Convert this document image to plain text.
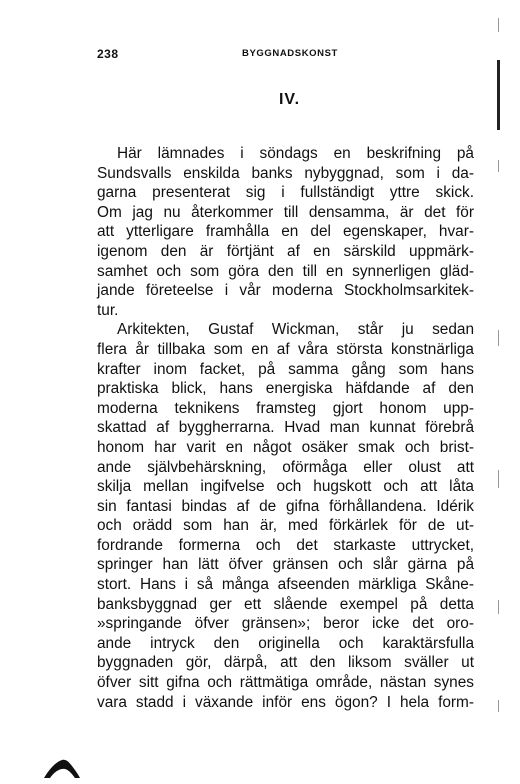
238	BYGGNADSKONST
IV.
Här lämnades i söndags en beskrifning på
Sundsvalls enskilda banks nybyggnad, som i da-
garna presenterat sig i fullständigt yttre skick.
Om jag nu återkommer till densamma, är det för
att ytterligare framhålla en del egenskaper, hvar-
igenom den är förtjänt af en särskild uppmärk-
samhet och som göra den till en synnerligen gläd-
jande företeelse i vår moderna Stockholmsarkitek-
tur.
Arkitekten, Gustaf Wickman, står ju sedan
flera år tillbaka som en af våra största konstnärliga
krafter inom facket, på samma gång som hans
praktiska blick, hans energiska häfdande af den
moderna teknikens framsteg gjort honom upp-
skattad af byggherrarna. Hvad man kunnat förebrå
honom har varit en något osäker smak och brist-
ande självbehärskning, oförmåga eller olust att
skilja mellan ingifvelse och hugskott och att låta
sin fantasi bindas af de gifna förhållandena. Idérik
och orädd som han är, med förkärlek för de ut-
fordrande formerna och det starkaste uttrycket,
springer han lätt öfver gränsen och slår gärna på
stort. Hans i så många afseenden märkliga Skåne-
banksbyggnad ger ett slående exempel på detta
»springande öfver gränsen»; beror icke det oro-
ande intryck den originella och karaktärsfulla
byggnaden gör, därpå, att den liksom sväller ut
öfver sitt gifna och rättmätiga område, nästan synes
vara stadd i växande inför ens ögon? I hela form-
